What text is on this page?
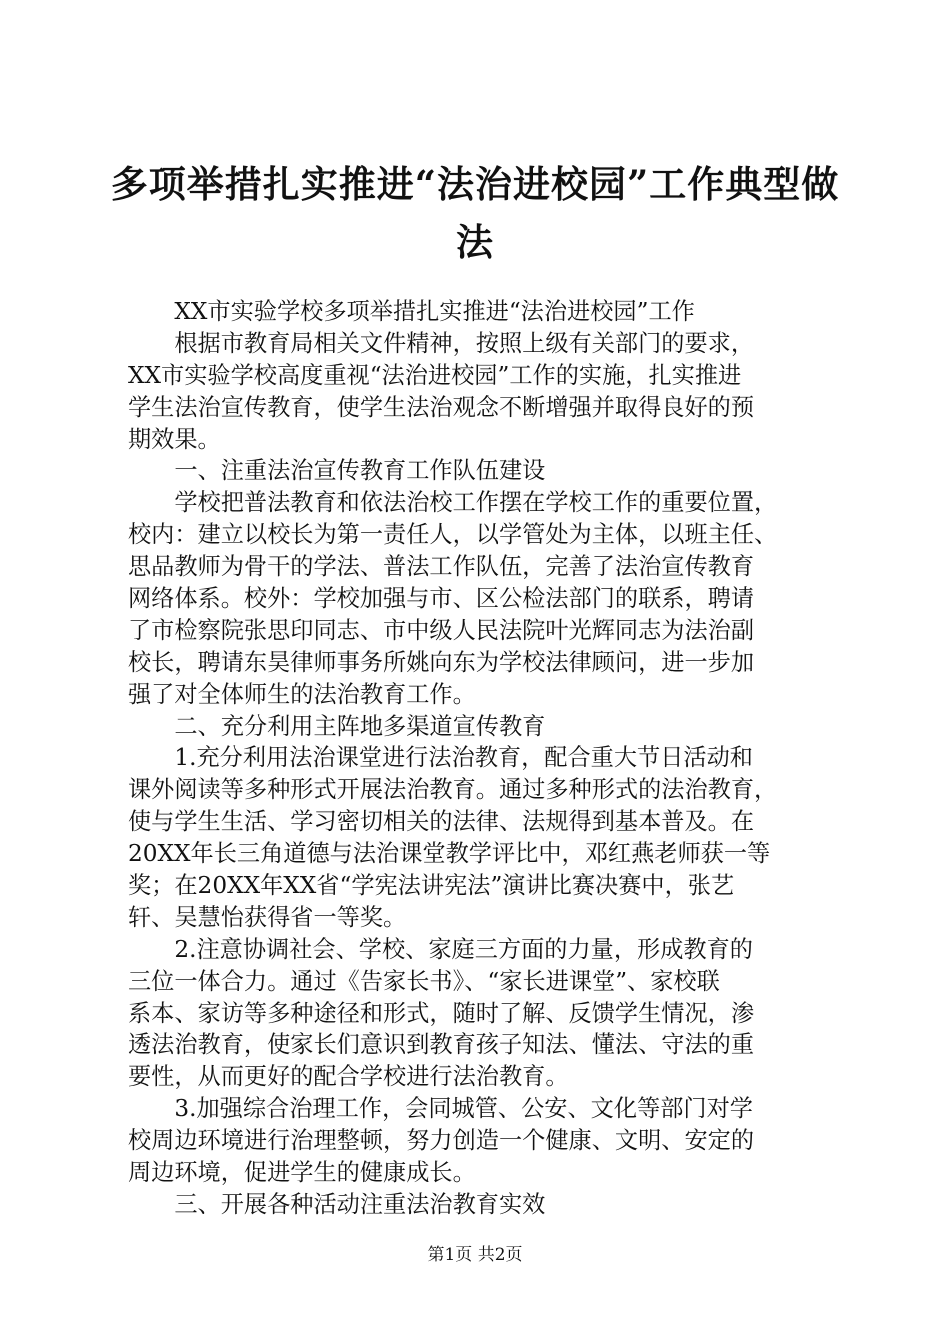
多项举措扎实推进“法治进校园”工作典型做
法
　　XX市实验学校多项举措扎实推进“法治进校园”工作
　　根据市教育局相关文件精神，按照上级有关部门的要求，
XX市实验学校高度重视“法治进校园”工作的实施，扎实推进
学生法治宣传教育，使学生法治观念不断增强并取得良好的预
期效果。
　　一、注重法治宣传教育工作队伍建设
　　学校把普法教育和依法治校工作摆在学校工作的重要位置，
校内：建立以校长为第一责任人，以学管处为主体，以班主任、
思品教师为骨干的学法、普法工作队伍，完善了法治宣传教育
网络体系。校外：学校加强与市、区公检法部门的联系，聘请
了市检察院张思印同志、市中级人民法院叶光辉同志为法治副
校长，聘请东昊律师事务所姚向东为学校法律顾问，进一步加
强了对全体师生的法治教育工作。
　　二、充分利用主阵地多渠道宣传教育
　　1.充分利用法治课堂进行法治教育，配合重大节日活动和
课外阅读等多种形式开展法治教育。通过多种形式的法治教育，
使与学生生活、学习密切相关的法律、法规得到基本普及。在
20XX年长三角道德与法治课堂教学评比中，邓红燕老师获一等
奖；在20XX年XX省“学宪法讲宪法”演讲比赛决赛中，张艺
轩、吴慧怡获得省一等奖。
　　2.注意协调社会、学校、家庭三方面的力量，形成教育的
三位一体合力。通过《告家长书》、“家长进课堂”、家校联
系本、家访等多种途径和形式，随时了解、反馈学生情况，渗
透法治教育，使家长们意识到教育孩子知法、懂法、守法的重
要性，从而更好的配合学校进行法治教育。
　　3.加强综合治理工作，会同城管、公安、文化等部门对学
校周边环境进行治理整顿，努力创造一个健康、文明、安定的
周边环境，促进学生的健康成长。
　　三、开展各种活动注重法治教育实效
第1页 共2页
